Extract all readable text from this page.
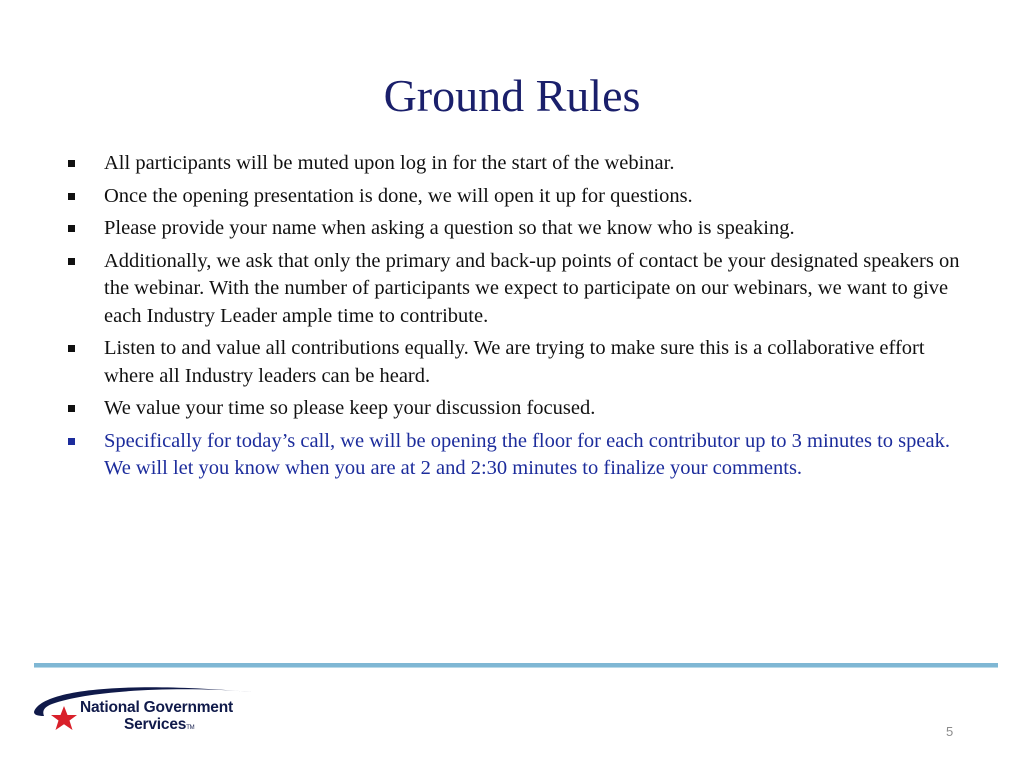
Ground Rules
All participants will be muted upon log in for the start of the webinar.
Once the opening presentation is done, we will open it up for questions.
Please provide your name when asking a question so that we know who is speaking.
Additionally, we ask that only the primary and back-up points of contact be your designated speakers on the webinar. With the number of participants we expect to participate on our webinars, we want to give each Industry Leader ample time to contribute.
Listen to and value all contributions equally. We are trying to make sure this is a collaborative effort where all Industry leaders can be heard.
We value your time so please keep your discussion focused.
Specifically for today’s call, we will be opening the floor for each contributor up to 3 minutes to speak. We will let you know when you are at 2 and 2:30 minutes to finalize your comments.
National Government
ServicesTM	5
